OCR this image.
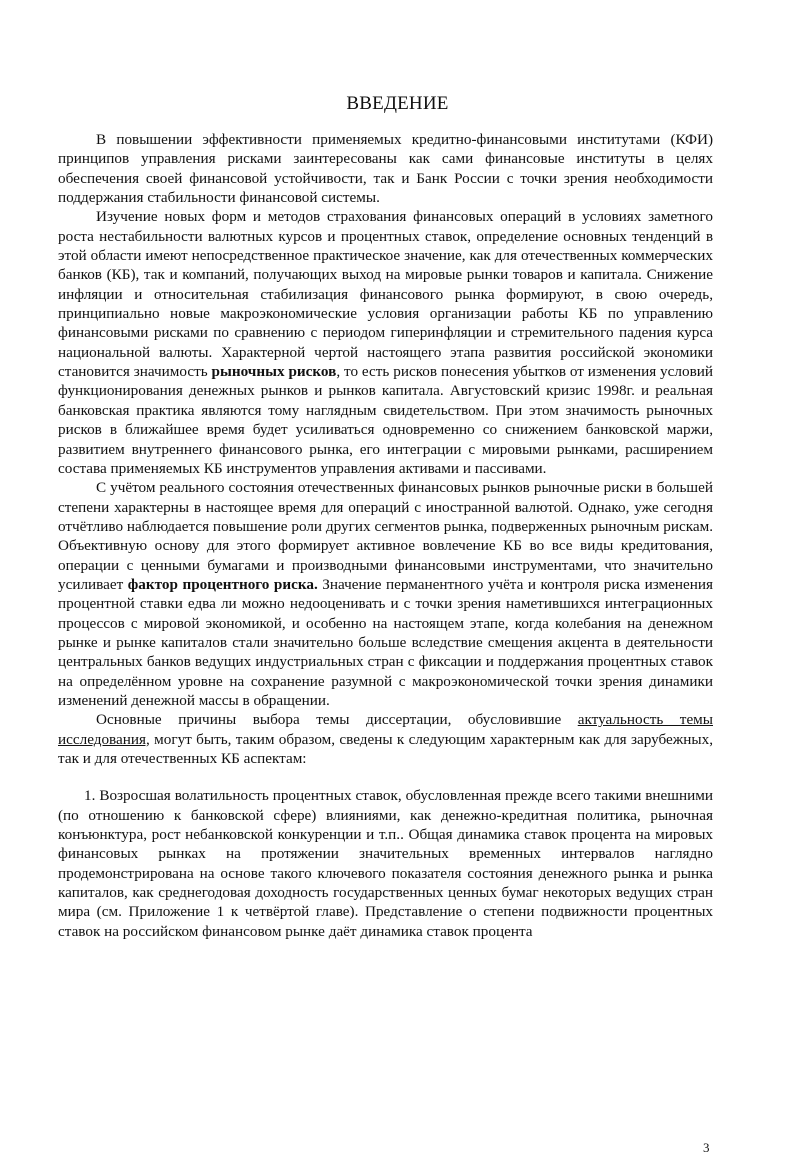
ВВЕДЕНИЕ

В повышении эффективности применяемых кредитно-финансовыми институтами (КФИ) принципов управления рисками заинтересованы как сами финансовые институты в целях обеспечения своей финансовой устойчивости, так и Банк России с точки зрения необходимости поддержания стабильности финансовой системы.

Изучение новых форм и методов страхования финансовых операций в условиях заметного роста нестабильности валютных курсов и процентных ставок, определение основных тенденций в этой области имеют непосредственное практическое значение, как для отечественных коммерческих банков (КБ), так и компаний, получающих выход на мировые рынки товаров и капитала. Снижение инфляции и относительная стабилизация финансового рынка формируют, в свою очередь, принципиально новые макроэкономические условия организации работы КБ по управлению финансовыми рисками по сравнению с периодом гиперинфляции и стремительного падения курса национальной валюты. Характерной чертой настоящего этапа развития российской экономики становится значимость рыночных рисков, то есть рисков понесения убытков от изменения условий функционирования денежных рынков и рынков капитала. Августовский кризис 1998г. и реальная банковская практика являются тому наглядным свидетельством. При этом значимость рыночных рисков в ближайшее время будет усиливаться одновременно со снижением банковской маржи, развитием внутреннего финансового рынка, его интеграции с мировыми рынками, расширением состава применяемых КБ инструментов управления активами и пассивами.

С учётом реального состояния отечественных финансовых рынков рыночные риски в большей степени характерны в настоящее время для операций с иностранной валютой. Однако, уже сегодня отчётливо наблюдается повышение роли других сегментов рынка, подверженных рыночным рискам. Объективную основу для этого формирует активное вовлечение КБ во все виды кредитования, операции с ценными бумагами и производными финансовыми инструментами, что значительно усиливает фактор процентного риска. Значение перманентного учёта и контроля риска изменения процентной ставки едва ли можно недооценивать и с точки зрения наметившихся интеграционных процессов с мировой экономикой, и особенно на настоящем этапе, когда колебания на денежном рынке и рынке капиталов стали значительно больше вследствие смещения акцента в деятельности центральных банков ведущих индустриальных стран с фиксации и поддержания процентных ставок на определённом уровне на сохранение разумной с макроэкономической точки зрения динамики изменений денежной массы в обращении.

Основные причины выбора темы диссертации, обусловившие актуальность темы исследования, могут быть, таким образом, сведены к следующим характерным как для зарубежных, так и для отечественных КБ аспектам:

1. Возросшая волатильность процентных ставок, обусловленная прежде всего такими внешними (по отношению к банковской сфере) влияниями, как денежно-кредитная политика, рыночная конъюнктура, рост небанковской конкуренции и т.п.. Общая динамика ставок процента на мировых финансовых рынках на протяжении значительных временных интервалов наглядно продемонстрирована на основе такого ключевого показателя состояния денежного рынка и рынка капиталов, как среднегодовая доходность государственных ценных бумаг некоторых ведущих стран мира (см. Приложение 1 к четвёртой главе). Представление о степени подвижности процентных ставок на российском финансовом рынке даёт динамика ставок процента

3
